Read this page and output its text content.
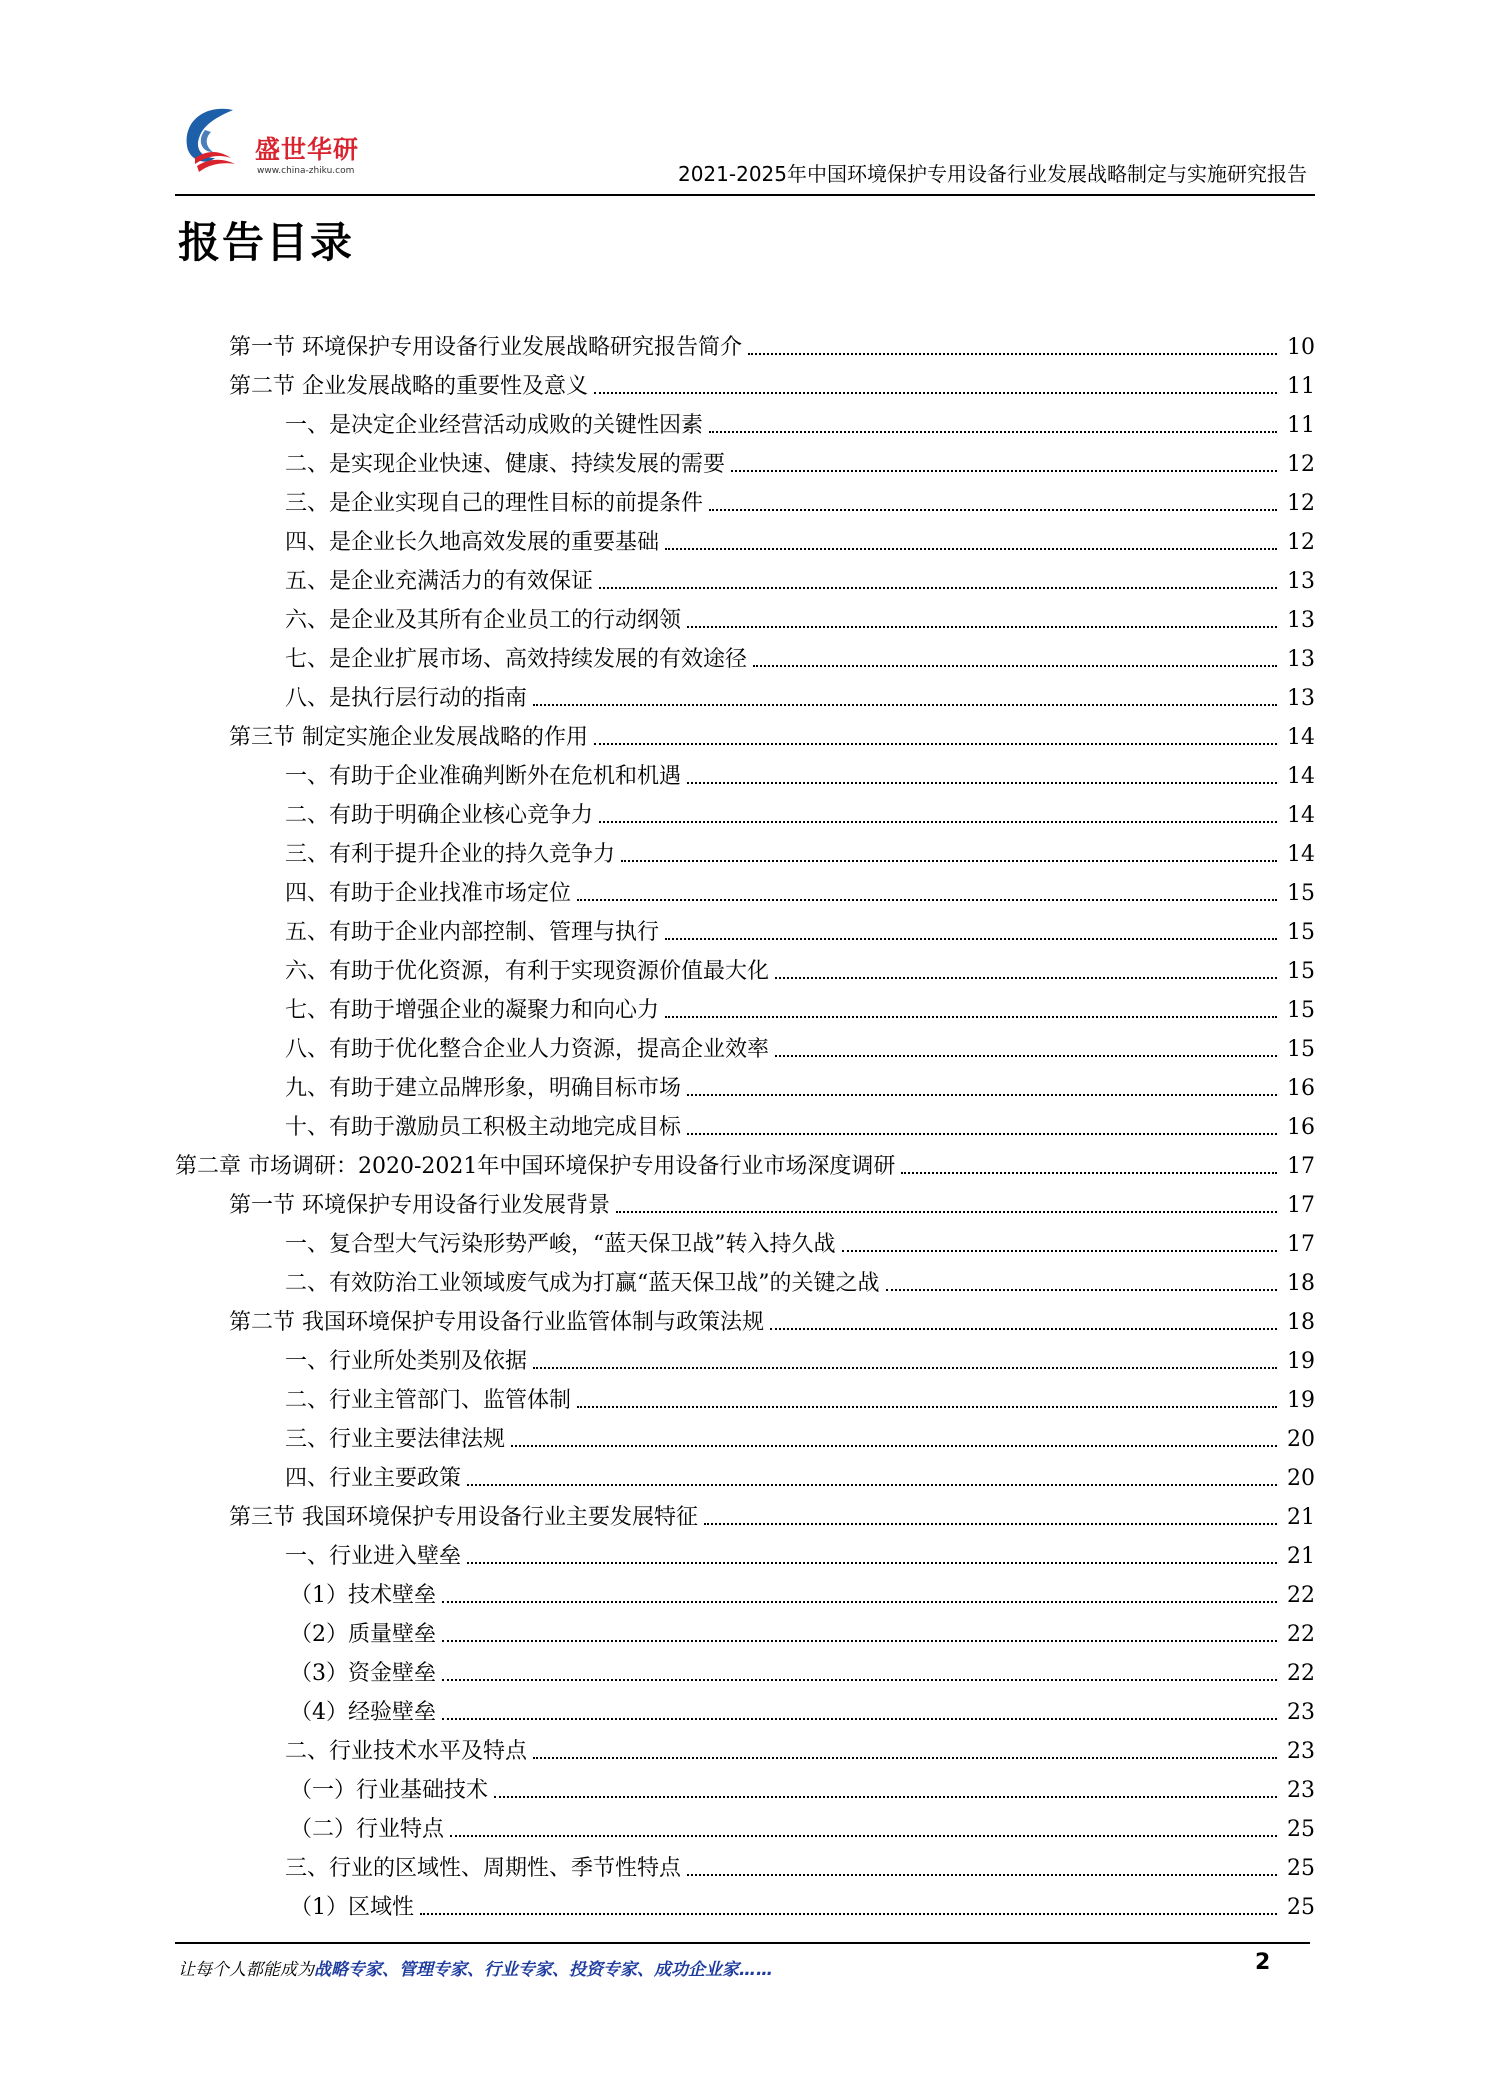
盛世华研
www.china-zhiku.com	2021-2025年中国环境保护专用设备行业发展战略制定与实施研究报告
报告目录
第一节 环境保护专用设备行业发展战略研究报告简介	10
第二节 企业发展战略的重要性及意义	11
一、是决定企业经营活动成败的关键性因素	11
二、是实现企业快速、健康、持续发展的需要	12
三、是企业实现自己的理性目标的前提条件	12
四、是企业长久地高效发展的重要基础	12
五、是企业充满活力的有效保证	13
六、是企业及其所有企业员工的行动纲领	13
七、是企业扩展市场、高效持续发展的有效途径	13
八、是执行层行动的指南	13
第三节 制定实施企业发展战略的作用	14
一、有助于企业准确判断外在危机和机遇	14
二、有助于明确企业核心竞争力	14
三、有利于提升企业的持久竞争力	14
四、有助于企业找准市场定位	15
五、有助于企业内部控制、管理与执行	15
六、有助于优化资源，有利于实现资源价值最大化	15
七、有助于增强企业的凝聚力和向心力	15
八、有助于优化整合企业人力资源，提高企业效率	15
九、有助于建立品牌形象，明确目标市场	16
十、有助于激励员工积极主动地完成目标	16
第二章 市场调研：2020-2021年中国环境保护专用设备行业市场深度调研	17
第一节 环境保护专用设备行业发展背景	17
一、复合型大气污染形势严峻，“蓝天保卫战”转入持久战	17
二、有效防治工业领域废气成为打赢“蓝天保卫战”的关键之战	18
第二节 我国环境保护专用设备行业监管体制与政策法规	18
一、行业所处类别及依据	19
二、行业主管部门、监管体制	19
三、行业主要法律法规	20
四、行业主要政策	20
第三节 我国环境保护专用设备行业主要发展特征	21
一、行业进入壁垒	21
（1）技术壁垒	22
（2）质量壁垒	22
（3）资金壁垒	22
（4）经验壁垒	23
二、行业技术水平及特点	23
（一）行业基础技术	23
（二）行业特点	25
三、行业的区域性、周期性、季节性特点	25
（1）区域性	25
让每个人都能成为战略专家、管理专家、行业专家、投资专家、成功企业家……	2
